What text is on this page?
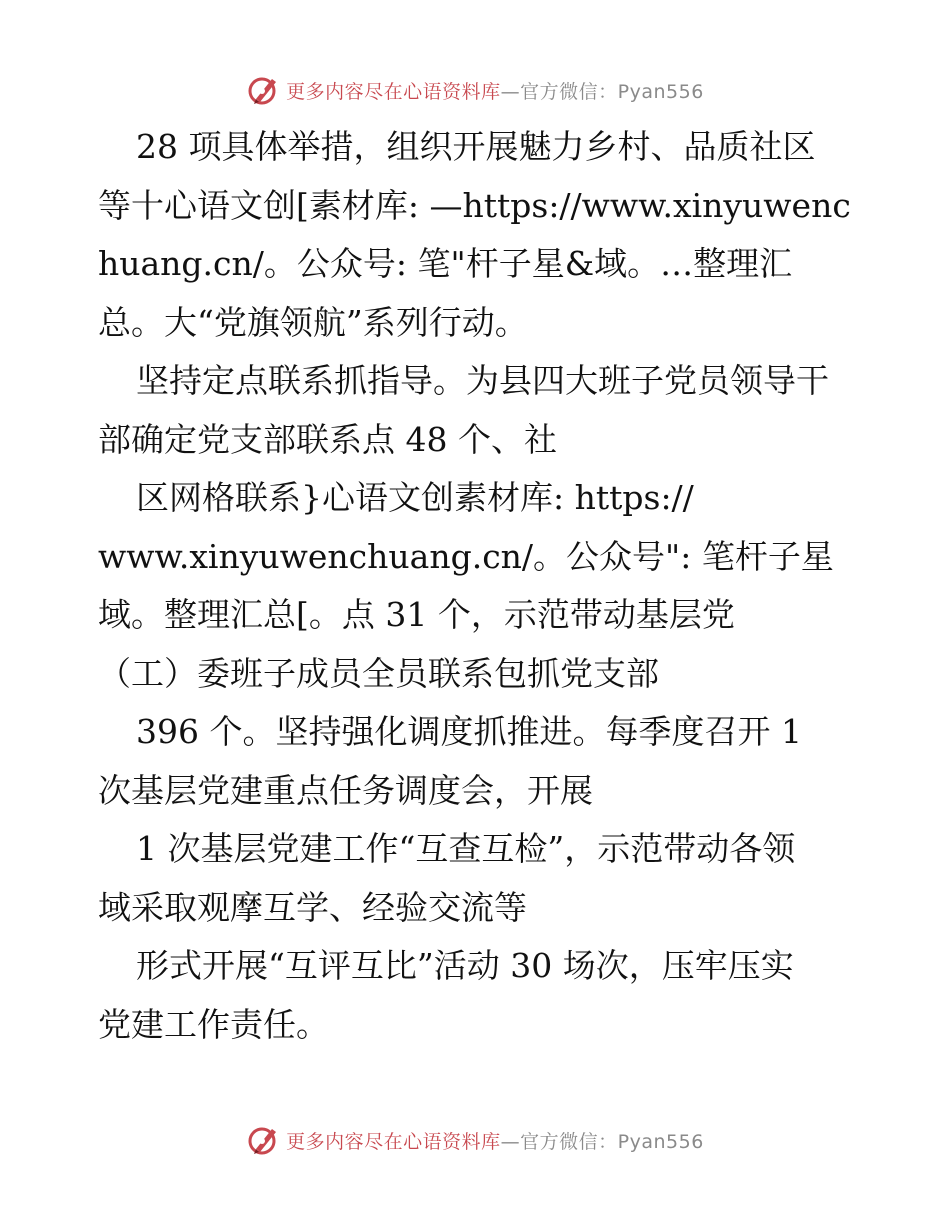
更多内容尽在心语资料库—官方微信：Pyan556
28 项具体举措，组织开展魅力乡村、品质社区
等十心语文创[素材库: —https://www.xinyuwenc
huang.cn/。公众号: 笔"杆子星&域。…整理汇
总。大“党旗领航”系列行动。
坚持定点联系抓指导。为县四大班子党员领导干
部确定党支部联系点 48 个、社
区网格联系}心语文创素材库: https://
www.xinyuwenchuang.cn/。公众号": 笔杆子星
域。整理汇总[。点 31 个，示范带动基层党
（工）委班子成员全员联系包抓党支部
396 个。坚持强化调度抓推进。每季度召开 1
次基层党建重点任务调度会，开展
1 次基层党建工作“互查互检”，示范带动各领
域采取观摩互学、经验交流等
形式开展“互评互比”活动 30 场次，压牢压实
党建工作责任。
更多内容尽在心语资料库—官方微信：Pyan556
